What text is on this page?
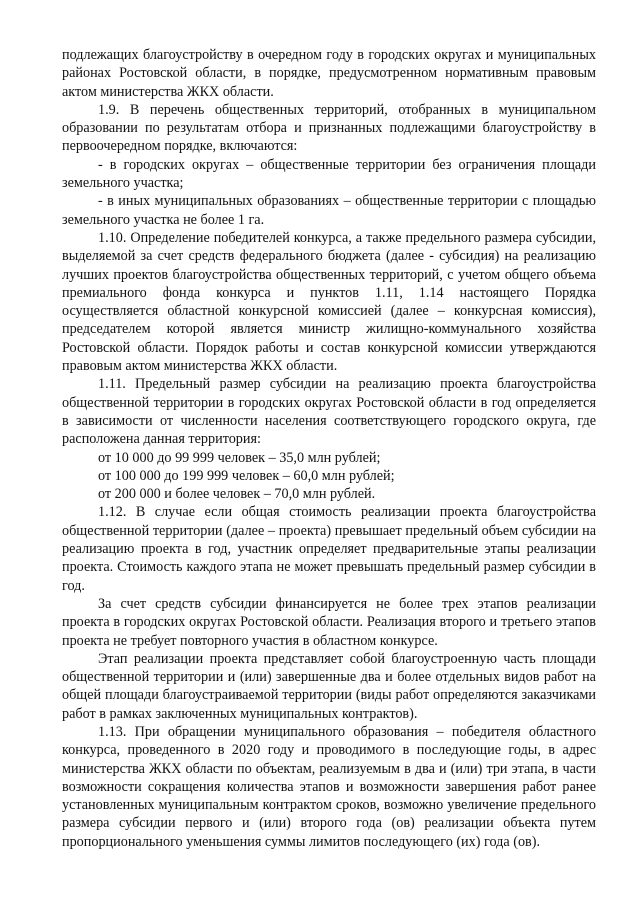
подлежащих благоустройству в очередном году в городских округах и муниципальных районах Ростовской области, в порядке, предусмотренном нормативным правовым актом министерства ЖКХ области.

1.9. В перечень общественных территорий, отобранных в муниципальном образовании по результатам отбора и признанных подлежащими благоустройству в первоочередном порядке, включаются:

- в городских округах – общественные территории без ограничения площади земельного участка;

- в иных муниципальных образованиях – общественные территории с площадью земельного участка не более 1 га.

1.10. Определение победителей конкурса, а также предельного размера субсидии, выделяемой за счет средств федерального бюджета (далее - субсидия) на реализацию лучших проектов благоустройства общественных территорий, с учетом общего объема премиального фонда конкурса и пунктов 1.11, 1.14 настоящего Порядка осуществляется областной конкурсной комиссией (далее – конкурсная комиссия), председателем которой является министр жилищно-коммунального хозяйства Ростовской области. Порядок работы и состав конкурсной комиссии утверждаются правовым актом министерства ЖКХ области.

1.11. Предельный размер субсидии на реализацию проекта благоустройства общественной территории в городских округах Ростовской области в год определяется в зависимости от численности населения соответствующего городского округа, где расположена данная территория:

от 10 000 до 99 999 человек – 35,0 млн рублей;

от 100 000 до 199 999 человек – 60,0 млн рублей;

от 200 000 и более человек – 70,0 млн рублей.

1.12. В случае если общая стоимость реализации проекта благоустройства общественной территории (далее – проекта) превышает предельный объем субсидии на реализацию проекта в год, участник определяет предварительные этапы реализации проекта. Стоимость каждого этапа не может превышать предельный размер субсидии в год.

За счет средств субсидии финансируется не более трех этапов реализации проекта в городских округах Ростовской области. Реализация второго и третьего этапов проекта не требует повторного участия в областном конкурсе.

Этап реализации проекта представляет собой благоустроенную часть площади общественной территории и (или) завершенные два и более отдельных видов работ на общей площади благоустраиваемой территории (виды работ определяются заказчиками работ в рамках заключенных муниципальных контрактов).

1.13. При обращении муниципального образования – победителя областного конкурса, проведенного в 2020 году и проводимого в последующие годы, в адрес министерства ЖКХ области по объектам, реализуемым в два и (или) три этапа, в части возможности сокращения количества этапов и возможности завершения работ ранее установленных муниципальным контрактом сроков, возможно увеличение предельного размера субсидии первого и (или) второго года (ов) реализации объекта путем пропорционального уменьшения суммы лимитов последующего (их) года (ов).
